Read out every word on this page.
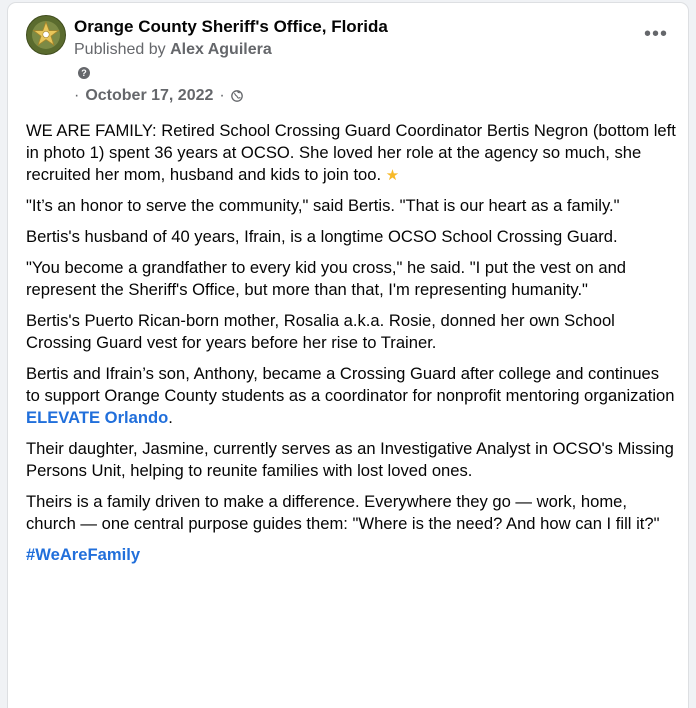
Orange County Sheriff's Office, Florida
Published by Alex Aguilera
?
· October 17, 2022 ·
•••

WE ARE FAMILY: Retired School Crossing Guard Coordinator Bertis Negron (bottom left in photo 1) spent 36 years at OCSO. She loved her role at the agency so much, she recruited her mom, husband and kids to join too. ★

"It’s an honor to serve the community," said Bertis. "That is our heart as a family."

Bertis's husband of 40 years, Ifrain, is a longtime OCSO School Crossing Guard.

"You become a grandfather to every kid you cross," he said. "I put the vest on and represent the Sheriff's Office, but more than that, I'm representing humanity."

Bertis's Puerto Rican-born mother, Rosalia a.k.a. Rosie, donned her own School Crossing Guard vest for years before her rise to Trainer.

Bertis and Ifrain’s son, Anthony, became a Crossing Guard after college and continues to support Orange County students as a coordinator for nonprofit mentoring organization ELEVATE Orlando.

Their daughter, Jasmine, currently serves as an Investigative Analyst in OCSO's Missing Persons Unit, helping to reunite families with lost loved ones.

Theirs is a family driven to make a difference. Everywhere they go — work, home, church — one central purpose guides them: "Where is the need? And how can I fill it?"

#WeAreFamily
